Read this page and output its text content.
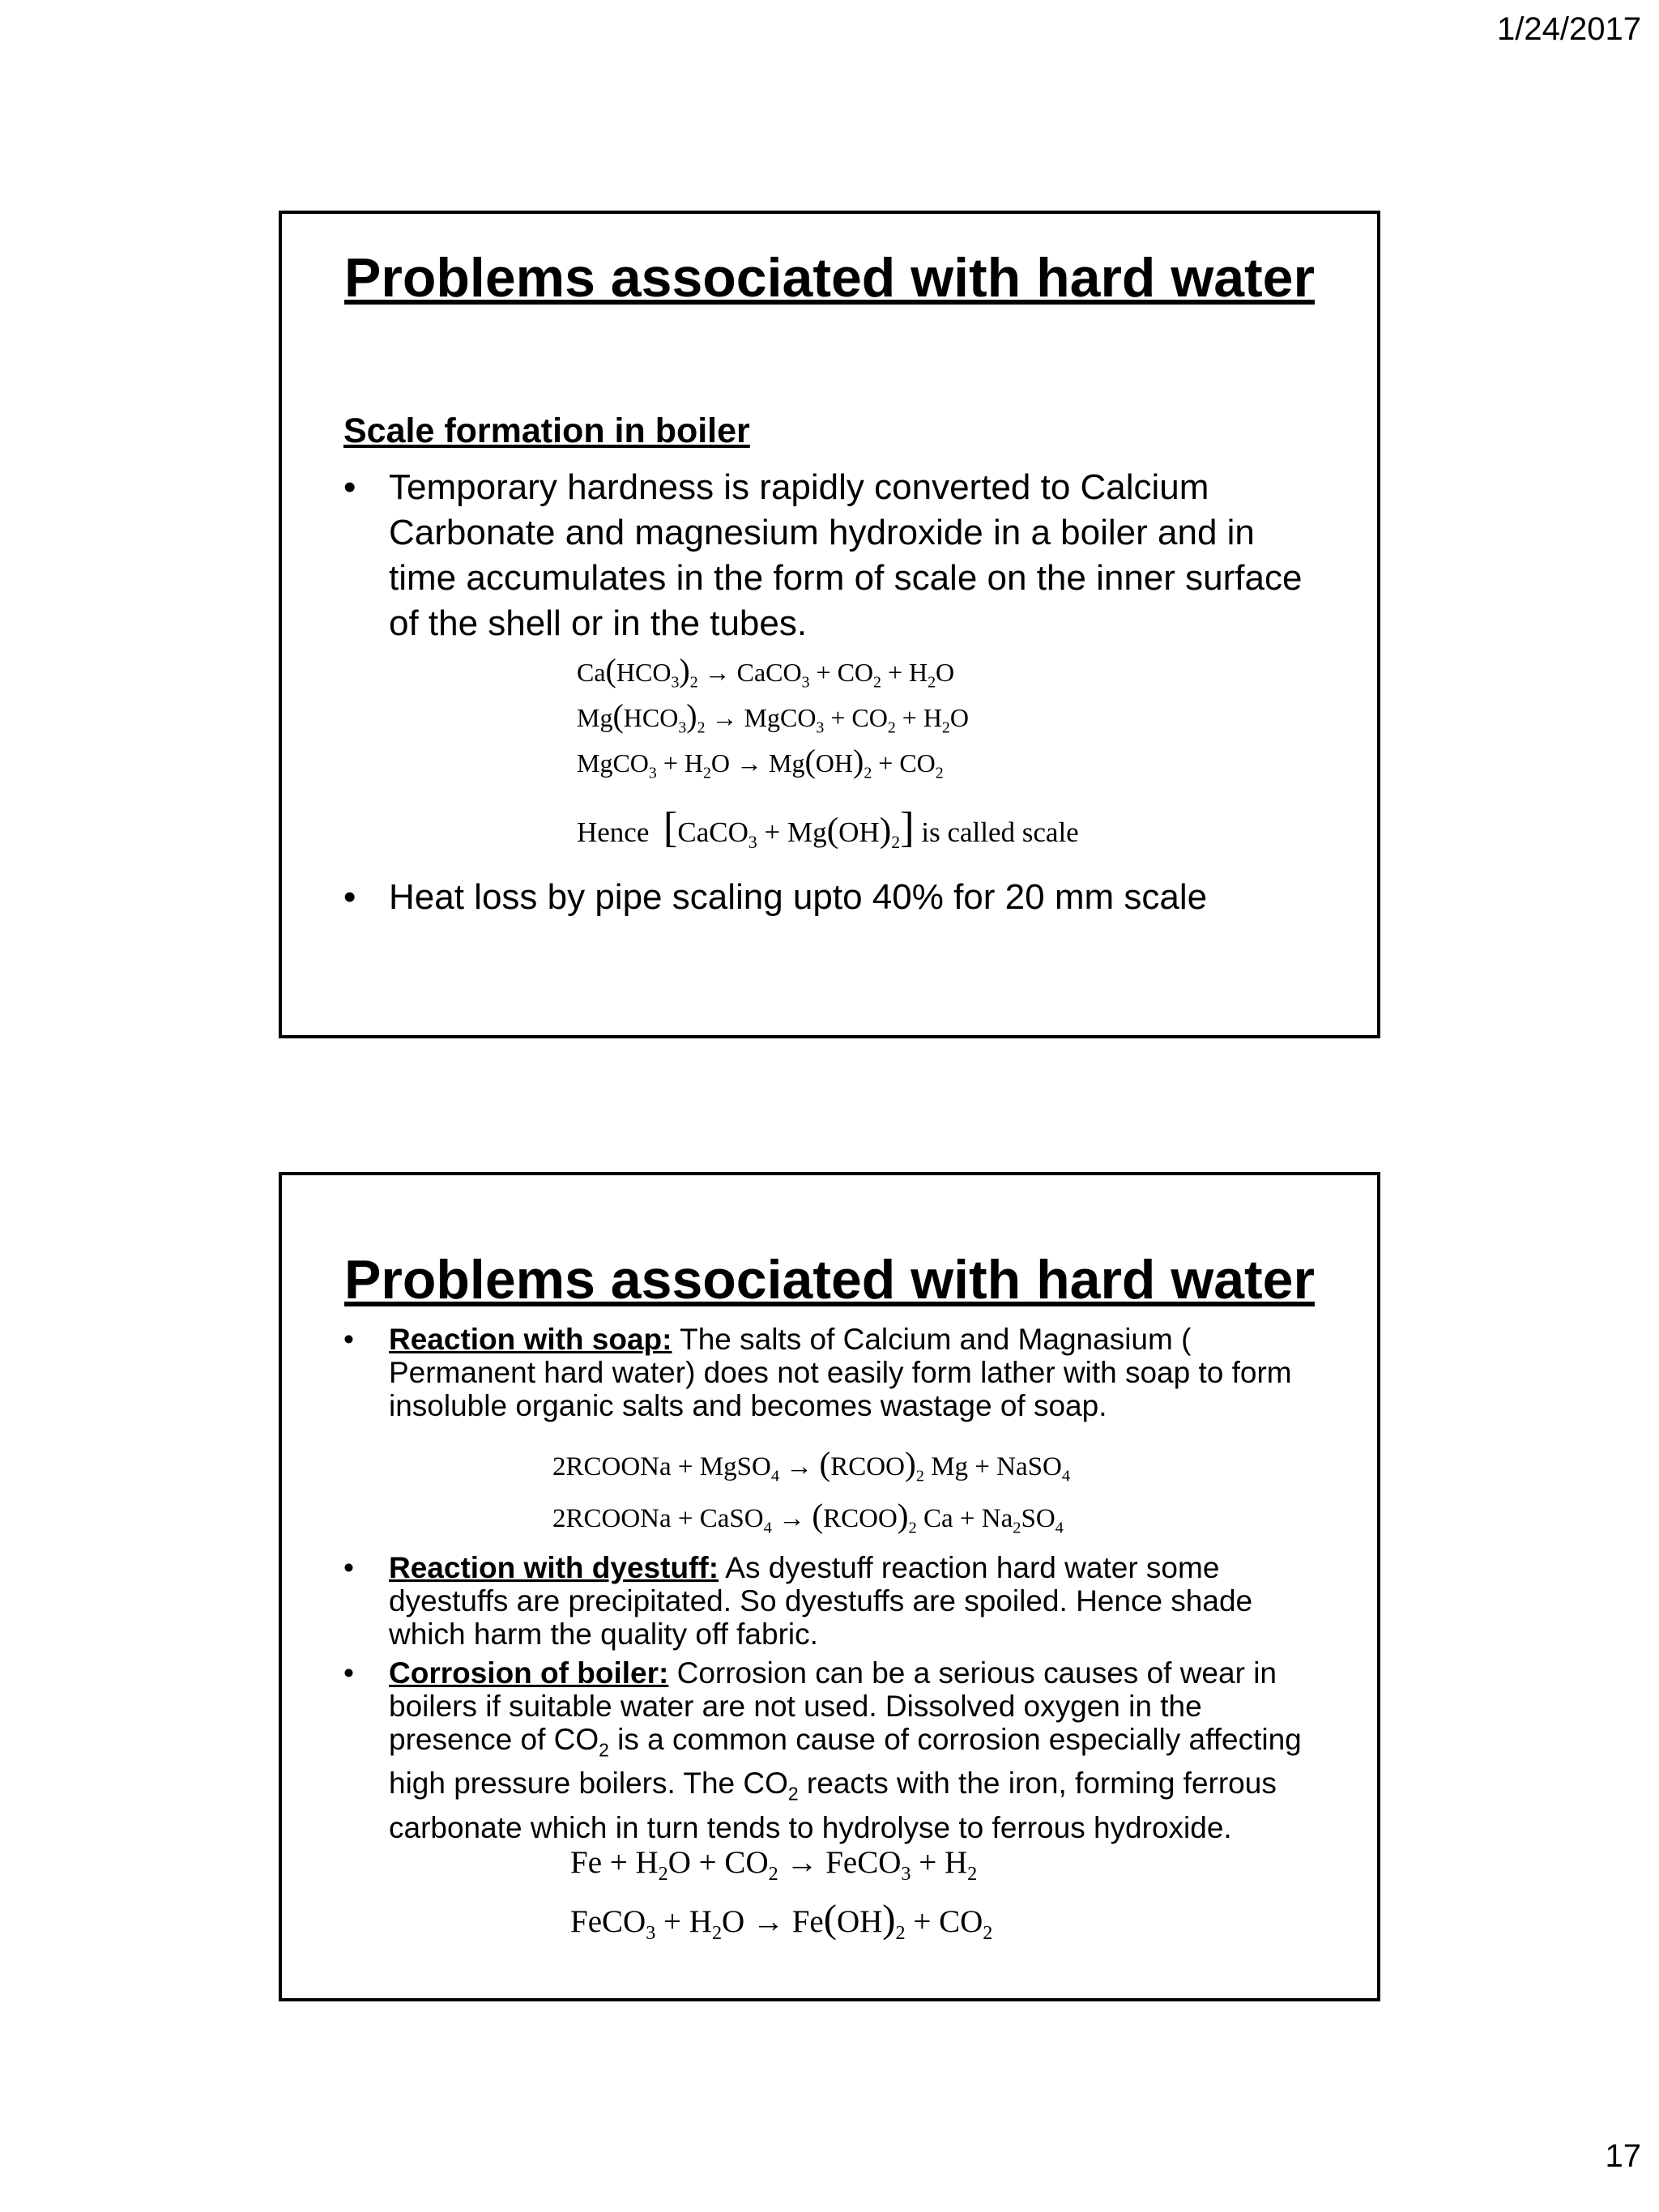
1/24/2017
Problems associated with hard water
Scale formation in boiler
• Temporary hardness is rapidly converted to Calcium Carbonate and magnesium hydroxide in a boiler and in time accumulates in the form of scale on the inner surface of the shell or in the tubes.
$Ca(HCO_3)_2$ → CaCO$_3$ + $CO_2 + H_2O$
$Mg(HCO_3)_2$ → MgCO$_3$ + $CO_2 + H_2O$
MgCO$_3$ + $H_2O \to Mg(OH)_2 + CO_2$
Hence [CaCO$_3$ + $Mg(OH)_2$] is called scale
• Heat loss by pipe scaling upto 40% for 20 mm scale
Problems associated with hard water
• Reaction with soap: The salts of Calcium and Magnasium ( Permanent hard water) does not easily form lather with soap to form insoluble organic salts and becomes wastage of soap.
2RCOONa + MgSO$_4$ → $(RCOO)_2$ Mg + NaSO$_4$
2RCOONa + CaSO$_4$ → $(RCOO)_2$ $Ca + Na_2SO_4$
• Reaction with dyestuff: As dyestuff reaction hard water some dyestuffs are precipitated. So dyestuffs are spoiled. Hence shade which harm the quality off fabric.
• Corrosion of boiler: Corrosion can be a serious causes of wear in boilers if suitable water are not used. Dissolved oxygen in the presence of $CO_2$ is a common cause of corrosion especially affecting high pressure boilers. The $CO_2$ reacts with the iron, forming ferrous carbonate which in turn tends to hydrolyse to ferrous hydroxide.
$Fe + H_2O + CO_2$ → FeCO$_3$ + $H_2$
FeCO$_3$ + $H_2O \to Fe(OH)_2 + CO_2$
17
